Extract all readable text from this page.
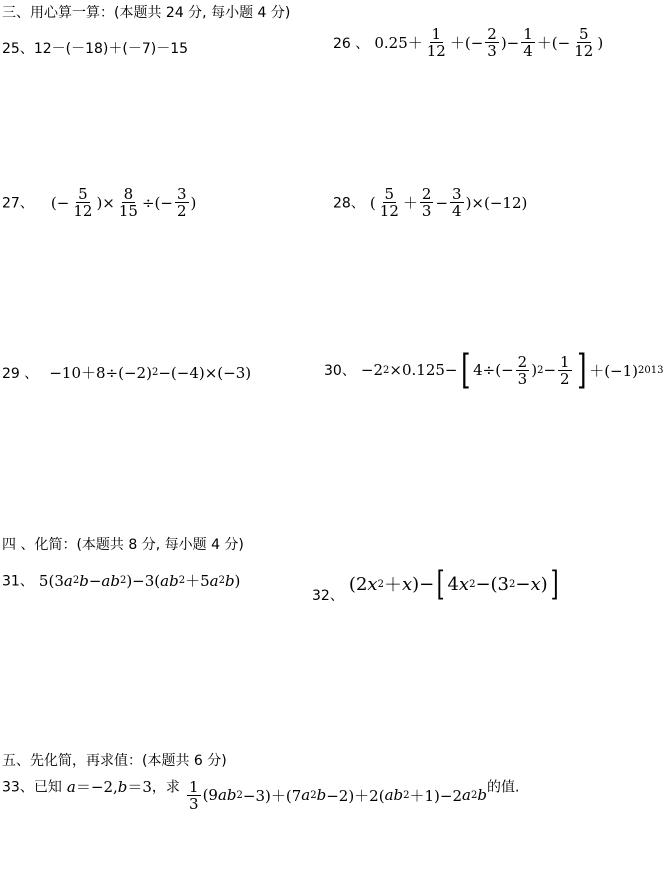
三、用心算一算：(本题共 24 分, 每小题 4 分)
25、12－(－18)＋(－7)－15	26 、 $0.25+ \frac{1}{12}$ ＋(− $\frac{2}{3}$ )− $\frac{1}{4}$ ＋(− $\frac{5}{12}$ )
27、 (− $\frac{5}{12}$ )× $\frac{8}{15}$ ÷(− $\frac{3}{2}$ )	28、 ( $\frac{5}{12} + \frac{2}{3} - \frac{3}{4} )\times(-12)$
29 、 −10＋8÷(−2) 2 −(−4)×(−3)	30、 −2 2 ×0.125− [ $4\div(- \frac{2}{3}$ ) $2 - \frac{1}{2}$ ] ＋(−1) 2013
四 、化简：(本题共 8 分, 每小题 4 分)
31、 5(3 a 2 b − ab 2 )−3( ab 2 ＋5 a 2 b )
32、 (2 x 2 ＋ x )− [ 4 x 2 −(3 2 − x ) ]
五、先化简，再求值：(本题共 6 分)
33、已知 a ＝−2, b ＝3，求 $\frac{1}{3} (9$ ab 2 −3)＋(7 a 2 b −2)＋2( ab 2 ＋1)−2 a 2 b 的值.
